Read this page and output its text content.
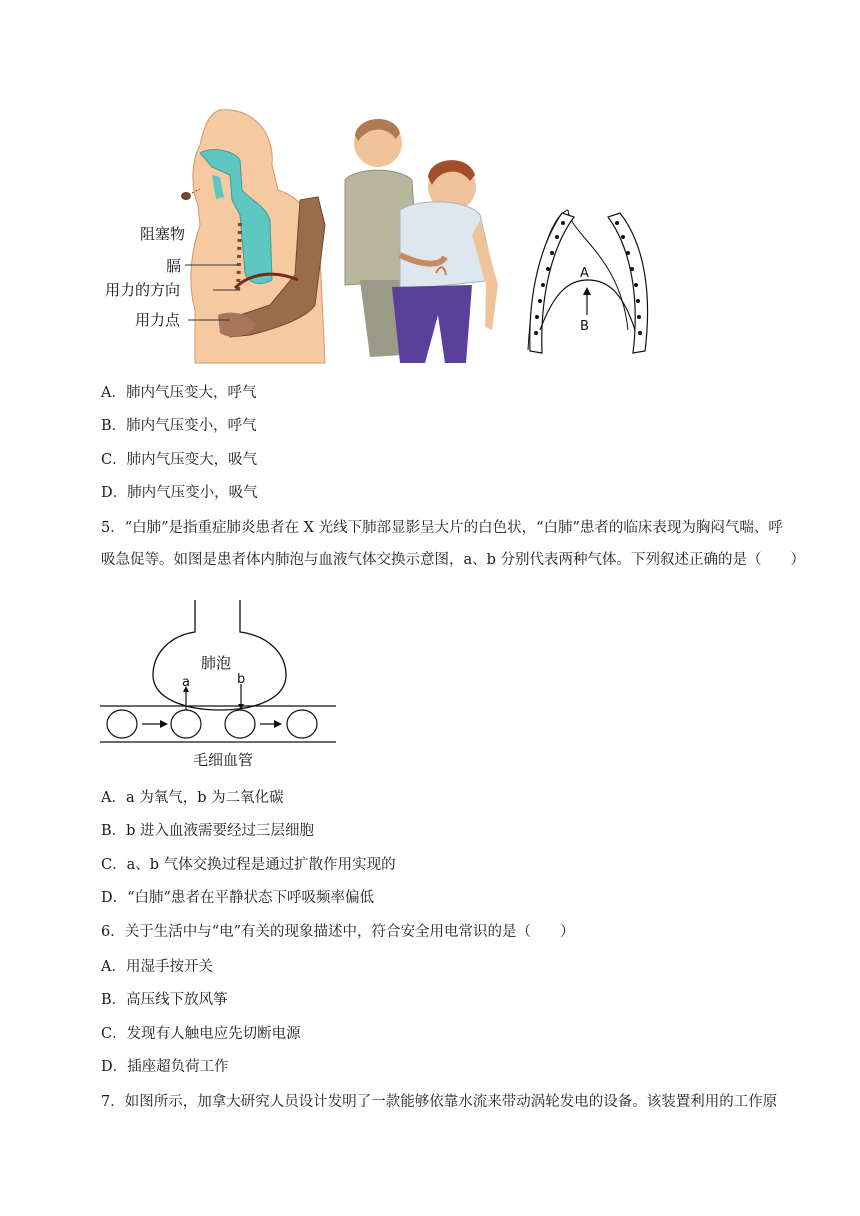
阻塞物
膈
用力的方向
用力点
A
B
A．肺内气压变大，呼气
B．肺内气压变小，呼气
C．肺内气压变大，吸气
D．肺内气压变小，吸气
5．“白肺”是指重症肺炎患者在 X 光线下肺部显影呈大片的白色状，“白肺”患者的临床表现为胸闷气喘、呼
吸急促等。如图是患者体内肺泡与血液气体交换示意图，a、b 分别代表两种气体。下列叙述正确的是（　　）
肺泡
a	b
毛细血管
A．a 为氧气，b 为二氧化碳
B．b 进入血液需要经过三层细胞
C．a、b 气体交换过程是通过扩散作用实现的
D．“白肺”患者在平静状态下呼吸频率偏低
6．关于生活中与“电”有关的现象描述中，符合安全用电常识的是（　　）
A．用湿手按开关
B．高压线下放风筝
C．发现有人触电应先切断电源
D．插座超负荷工作
7．如图所示，加拿大研究人员设计发明了一款能够依靠水流来带动涡轮发电的设备。该装置利用的工作原
